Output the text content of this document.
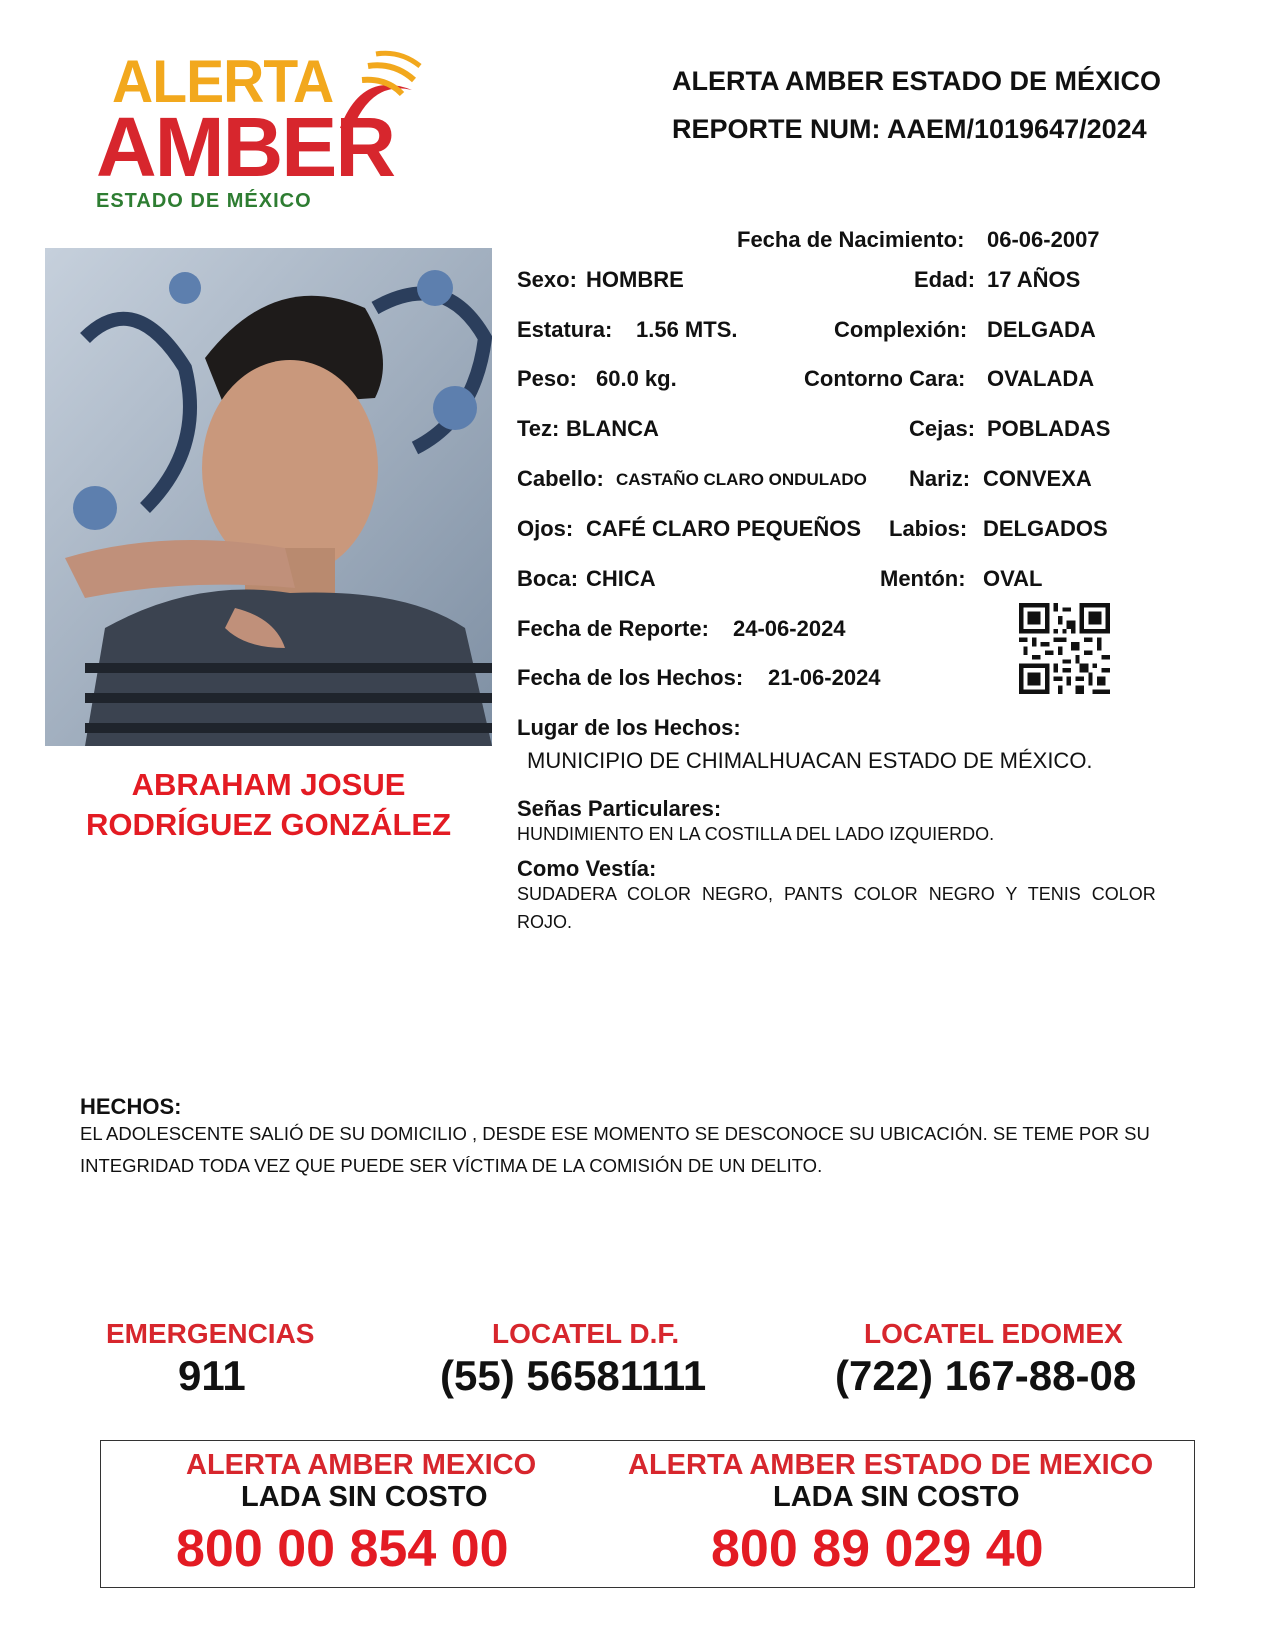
ALERTA
AMBER
ESTADO DE MÉXICO
ALERTA AMBER ESTADO DE MÉXICO
REPORTE NUM: AAEM/1019647/2024
ABRAHAM JOSUE
RODRÍGUEZ GONZÁLEZ
Fecha de Nacimiento: 06-06-2007
Sexo: HOMBRE	Edad: 17 AÑOS
Estatura: 1.56 MTS.	Complexión: DELGADA
Peso: 60.0 kg.	Contorno Cara: OVALADA
Tez: BLANCA	Cejas: POBLADAS
Cabello: CASTAÑO CLARO ONDULADO Nariz: CONVEXA
Ojos: CAFÉ CLARO PEQUEÑOS Labios: DELGADOS
Boca: CHICA	Mentón: OVAL
Fecha de Reporte: 24-06-2024
Fecha de los Hechos: 21-06-2024
Lugar de los Hechos:
MUNICIPIO DE CHIMALHUACAN ESTADO DE MÉXICO.
Señas Particulares:
HUNDIMIENTO EN LA COSTILLA DEL LADO IZQUIERDO.
Como Vestía:
SUDADERA COLOR NEGRO, PANTS COLOR NEGRO Y TENIS COLOR ROJO.
HECHOS:
EL ADOLESCENTE SALIÓ DE SU DOMICILIO , DESDE ESE MOMENTO SE DESCONOCE SU UBICACIÓN. SE TEME POR SU INTEGRIDAD TODA VEZ QUE PUEDE SER VÍCTIMA DE LA COMISIÓN DE UN DELITO.
EMERGENCIAS
911
LOCATEL D.F.
(55) 56581111
LOCATEL EDOMEX
(722) 167-88-08
ALERTA AMBER MEXICO
LADA SIN COSTO
800 00 854 00
ALERTA AMBER ESTADO DE MEXICO
LADA SIN COSTO
800 89 029 40
